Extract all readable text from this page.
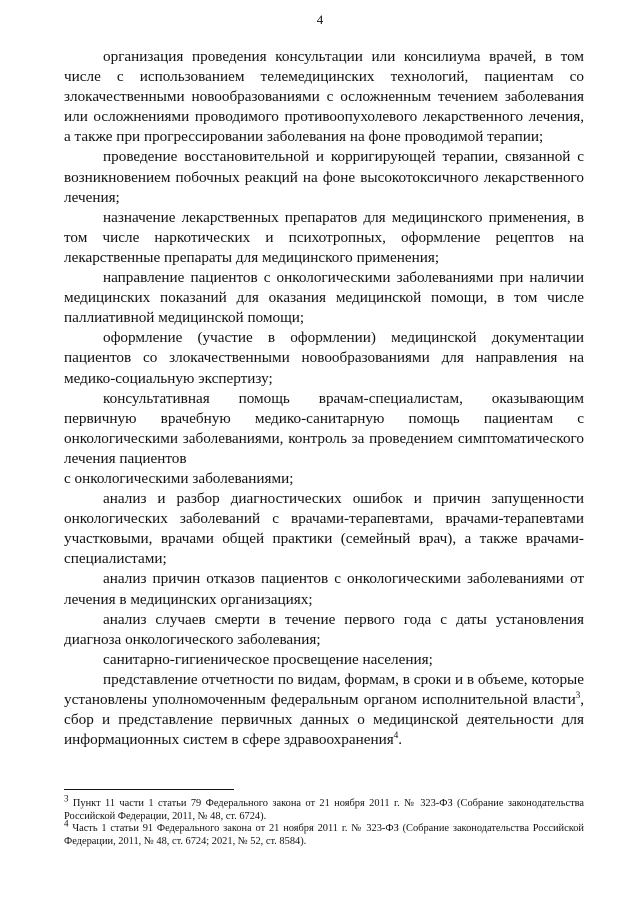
4

организация проведения консультации или консилиума врачей, в том числе с использованием телемедицинских технологий, пациентам со злокачественными новообразованиями с осложненным течением заболевания или осложнениями проводимого противоопухолевого лекарственного лечения, а также при прогрессировании заболевания на фоне проводимой терапии;

проведение восстановительной и корригирующей терапии, связанной с возникновением побочных реакций на фоне высокотоксичного лекарственного лечения;

назначение лекарственных препаратов для медицинского применения, в том числе наркотических и психотропных, оформление рецептов на лекарственные препараты для медицинского применения;

направление пациентов с онкологическими заболеваниями при наличии медицинских показаний для оказания медицинской помощи, в том числе паллиативной медицинской помощи;

оформление (участие в оформлении) медицинской документации пациентов со злокачественными новообразованиями для направления на медико-социальную экспертизу;

консультативная помощь врачам-специалистам, оказывающим первичную врачебную медико-санитарную помощь пациентам с онкологическими заболеваниями, контроль за проведением симптоматического лечения пациентов

с онкологическими заболеваниями;

анализ и разбор диагностических ошибок и причин запущенности онкологических заболеваний с врачами-терапевтами, врачами-терапевтами участковыми, врачами общей практики (семейный врач), а также врачами-специалистами;

анализ причин отказов пациентов с онкологическими заболеваниями от лечения в медицинских организациях;

анализ случаев смерти в течение первого года с даты установления диагноза онкологического заболевания;

санитарно-гигиеническое просвещение населения;

представление отчетности по видам, формам, в сроки и в объеме, которые установлены уполномоченным федеральным органом исполнительной власти$^3$, сбор и представление первичных данных о медицинской деятельности для информационных систем в сфере здравоохранения$^4$.

3 Пункт 11 части 1 статьи 79 Федерального закона от 21 ноября 2011 г. № 323-ФЗ (Собрание законодательства Российской Федерации, 2011, № 48, ст. 6724).

4 Часть 1 статьи 91 Федерального закона от 21 ноября 2011 г. № 323-ФЗ (Собрание законодательства Российской Федерации, 2011, № 48, ст. 6724; 2021, № 52, ст. 8584).
